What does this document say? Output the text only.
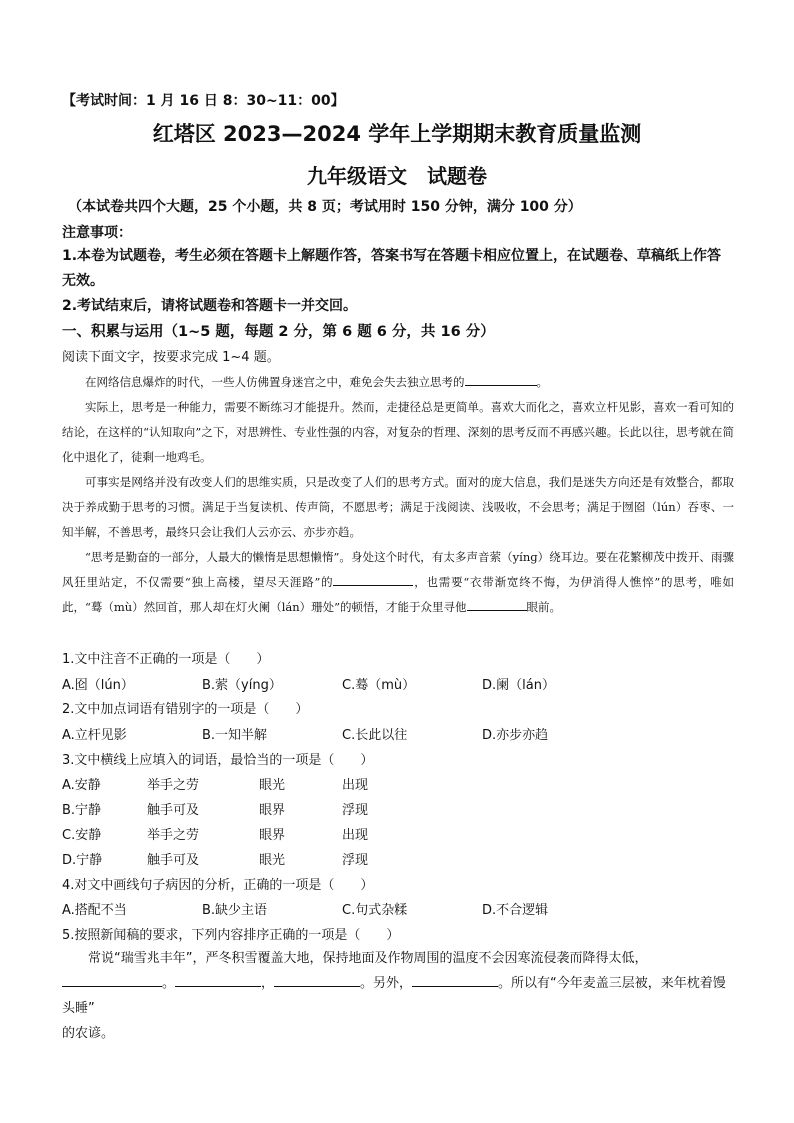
【考试时间：1 月 16 日 8：30~11：00】
红塔区 2023—2024 学年上学期期末教育质量监测
九年级语文　试题卷
（本试卷共四个大题，25 个小题，共 8 页；考试用时 150 分钟，满分 100 分）
注意事项：
1.本卷为试题卷，考生必须在答题卡上解题作答，答案书写在答题卡相应位置上，在试题卷、草稿纸上作答无效。
2.考试结束后，请将试题卷和答题卡一并交回。
一、积累与运用（1~5 题，每题 2 分，第 6 题 6 分，共 16 分）
阅读下面文字，按要求完成 1~4 题。

在网络信息爆炸的时代，一些人仿佛置身迷宫之中，难免会失去独立思考的	。

实际上，思考是一种能力，需要不断练习才能提升。然而，走捷径总是更简单。喜欢大而化之，喜欢立杆见影，喜欢一看可知的结论，在这样的“认知取向”之下，对思辨性、专业性强的内容，对复杂的哲理、深刻的思考反而不再感兴趣。长此以往，思考就在简化中退化了，徒剩一地鸡毛。

可事实是网络并没有改变人们的思维实质，只是改变了人们的思考方式。面对的庞大信息，我们是迷失方向还是有效整合，都取决于养成勤于思考的习惯。满足于当复读机、传声筒，不愿思考；满足于浅阅读、浅吸收，不会思考；满足于囫囵（lún）吞枣、一知半解，不善思考，最终只会让我们人云亦云、亦步亦趋。

“思考是勤奋的一部分，人最大的懒惰是思想懒惰”。身处这个时代，有太多声音萦（yínɡ）绕耳边。要在花繁柳茂中拨开、雨骤风狂里站定，不仅需要“独上高楼，望尽天涯路”的	，也需要“衣带渐宽终不悔，为伊消得人憔悴”的思考，唯如此，“蓦（mù）然回首，那人却在灯火阑（lán）珊处”的顿悟，才能于众里寻他	眼前。

1.文中注音不正确的一项是（　　）
A.囵（lún）	B.萦（yíng）	C.蓦（mù）	D.阑（lán）
2.文中加点词语有错别字的一项是（　　）
A.立杆见影	B.一知半解	C.长此以往	D.亦步亦趋
3.文中横线上应填入的词语，最恰当的一项是（　　）
A.安静	举手之劳	眼光	出现
B.宁静	触手可及	眼界	浮现
C.安静	举手之劳	眼界	出现
D.宁静	触手可及	眼光	浮现
4.对文中画线句子病因的分析，正确的一项是（　　）
A.搭配不当	B.缺少主语	C.句式杂糅	D.不合逻辑
5.按照新闻稿的要求，下列内容排序正确的一项是（　　）

常说“瑞雪兆丰年”，严冬积雪覆盖大地，保持地面及作物周围的温度不会因寒流侵袭而降得太低， 。	，	。另外，	。所以有“今年麦盖三层被，来年枕着馒头睡”

的农谚。
